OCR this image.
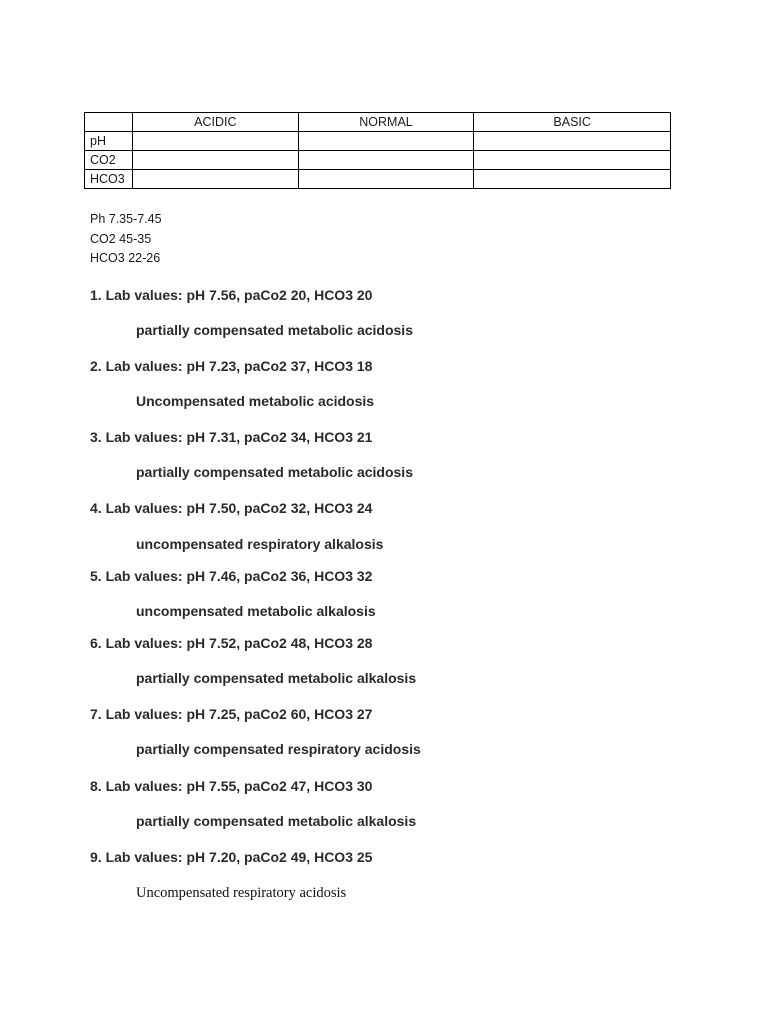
	ACIDIC	NORMAL	BASIC
pH			
CO2			
HCO3			
Ph 7.35-7.45
CO2 45-35
HCO3 22-26
1. Lab values: pH 7.56, paCo2 20, HCO3 20
partially compensated metabolic acidosis
2. Lab values: pH 7.23, paCo2 37, HCO3 18
Uncompensated metabolic acidosis
3. Lab values: pH 7.31, paCo2 34, HCO3 21
partially compensated metabolic acidosis
4. Lab values: pH 7.50, paCo2 32, HCO3 24
uncompensated respiratory alkalosis
5. Lab values: pH 7.46, paCo2 36, HCO3 32
uncompensated metabolic alkalosis
6. Lab values: pH 7.52, paCo2 48, HCO3 28
partially compensated metabolic alkalosis
7. Lab values: pH 7.25, paCo2 60, HCO3 27
partially compensated respiratory acidosis
8. Lab values: pH 7.55, paCo2 47, HCO3 30
partially compensated metabolic alkalosis
9. Lab values: pH 7.20, paCo2 49, HCO3 25
Uncompensated respiratory acidosis
